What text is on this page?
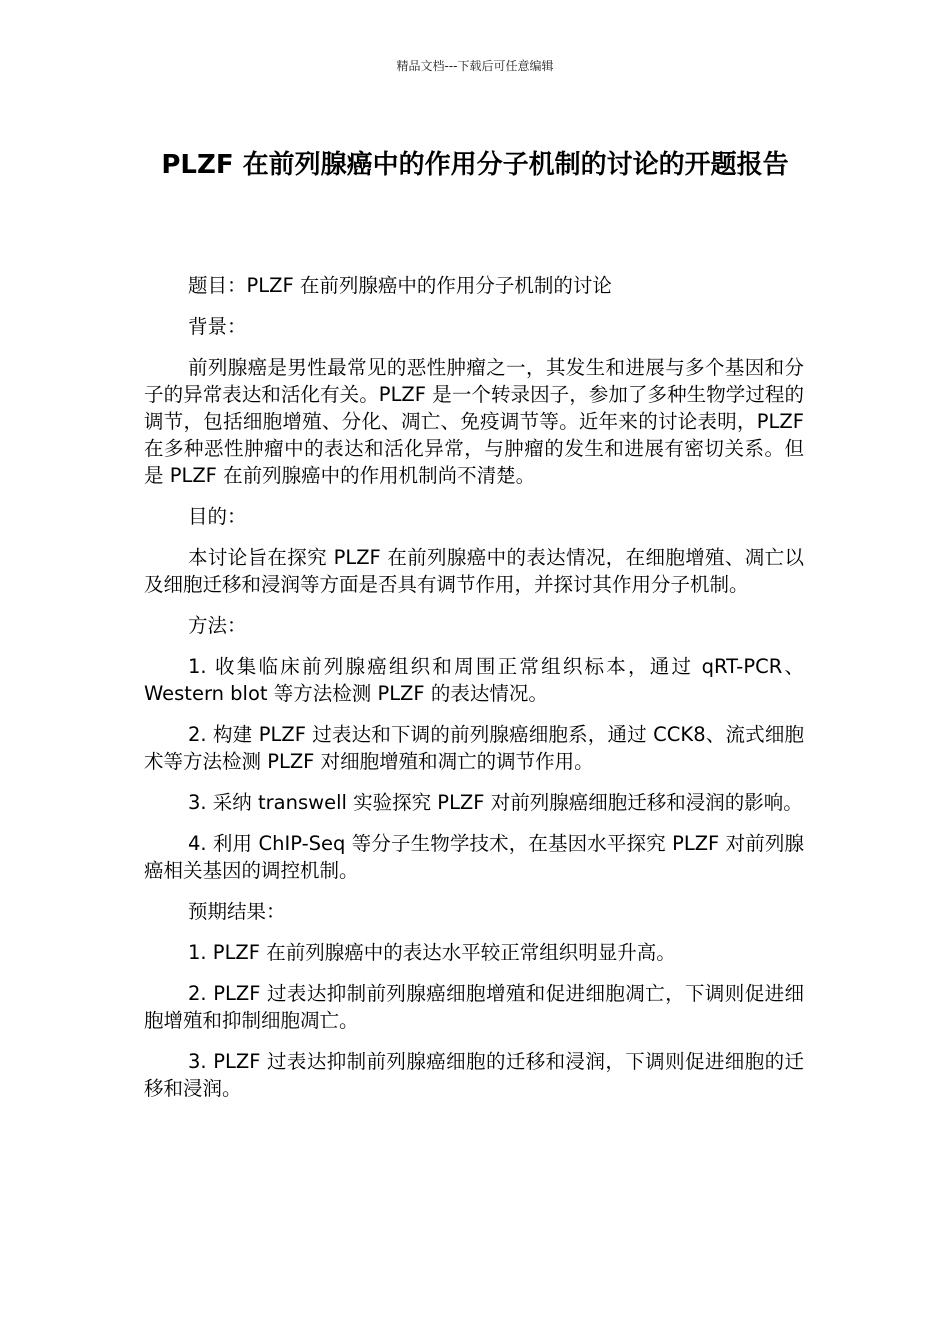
精品文档---下载后可任意编辑
PLZF 在前列腺癌中的作用分子机制的讨论的开题报告

题目：PLZF 在前列腺癌中的作用分子机制的讨论

背景：

前列腺癌是男性最常见的恶性肿瘤之一，其发生和进展与多个基因和分子的异常表达和活化有关。PLZF 是一个转录因子，参加了多种生物学过程的调节，包括细胞增殖、分化、凋亡、免疫调节等。近年来的讨论表明，PLZF 在多种恶性肿瘤中的表达和活化异常，与肿瘤的发生和进展有密切关系。但是 PLZF 在前列腺癌中的作用机制尚不清楚。

目的：

本讨论旨在探究 PLZF 在前列腺癌中的表达情况，在细胞增殖、凋亡以及细胞迁移和浸润等方面是否具有调节作用，并探讨其作用分子机制。

方法：

1. 收集临床前列腺癌组织和周围正常组织标本，通过 qRT-PCR、Western blot 等方法检测 PLZF 的表达情况。

2. 构建 PLZF 过表达和下调的前列腺癌细胞系，通过 CCK8、流式细胞术等方法检测 PLZF 对细胞增殖和凋亡的调节作用。

3. 采纳 transwell 实验探究 PLZF 对前列腺癌细胞迁移和浸润的影响。

4. 利用 ChIP-Seq 等分子生物学技术，在基因水平探究 PLZF 对前列腺癌相关基因的调控机制。

预期结果：

1. PLZF 在前列腺癌中的表达水平较正常组织明显升高。

2. PLZF 过表达抑制前列腺癌细胞增殖和促进细胞凋亡，下调则促进细胞增殖和抑制细胞凋亡。

3. PLZF 过表达抑制前列腺癌细胞的迁移和浸润，下调则促进细胞的迁移和浸润。
